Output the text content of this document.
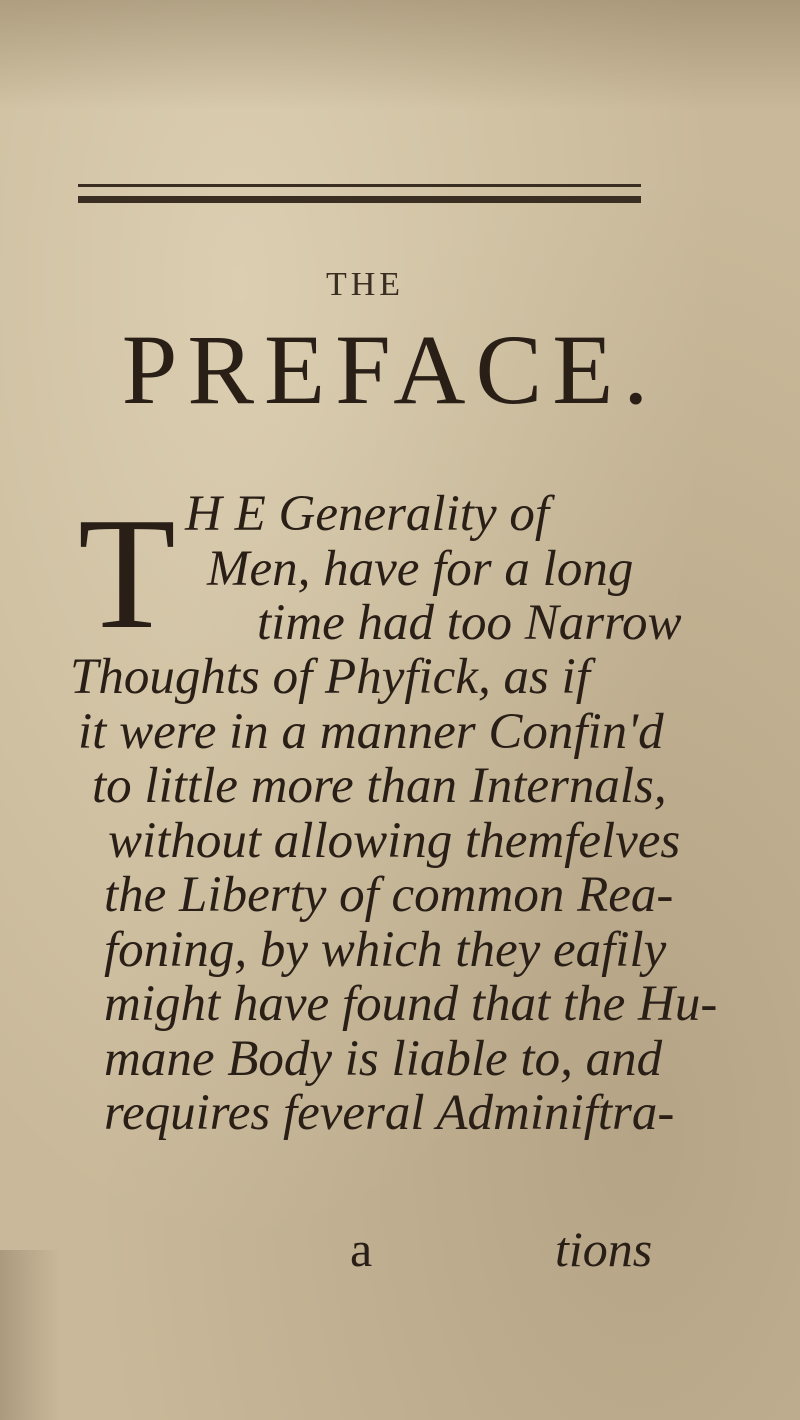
THE
PREFACE.
T H E Generality of
Men, have for a long
time had too Narrow
Thoughts of Phyfick, as if
it were in a manner Confin'd
to little more than Internals,
without allowing themfelves
the Liberty of common Rea-
foning, by which they eafily
might have found that the Hu-
mane Body is liable to, and
requires feveral Adminiftra-
a	tions
